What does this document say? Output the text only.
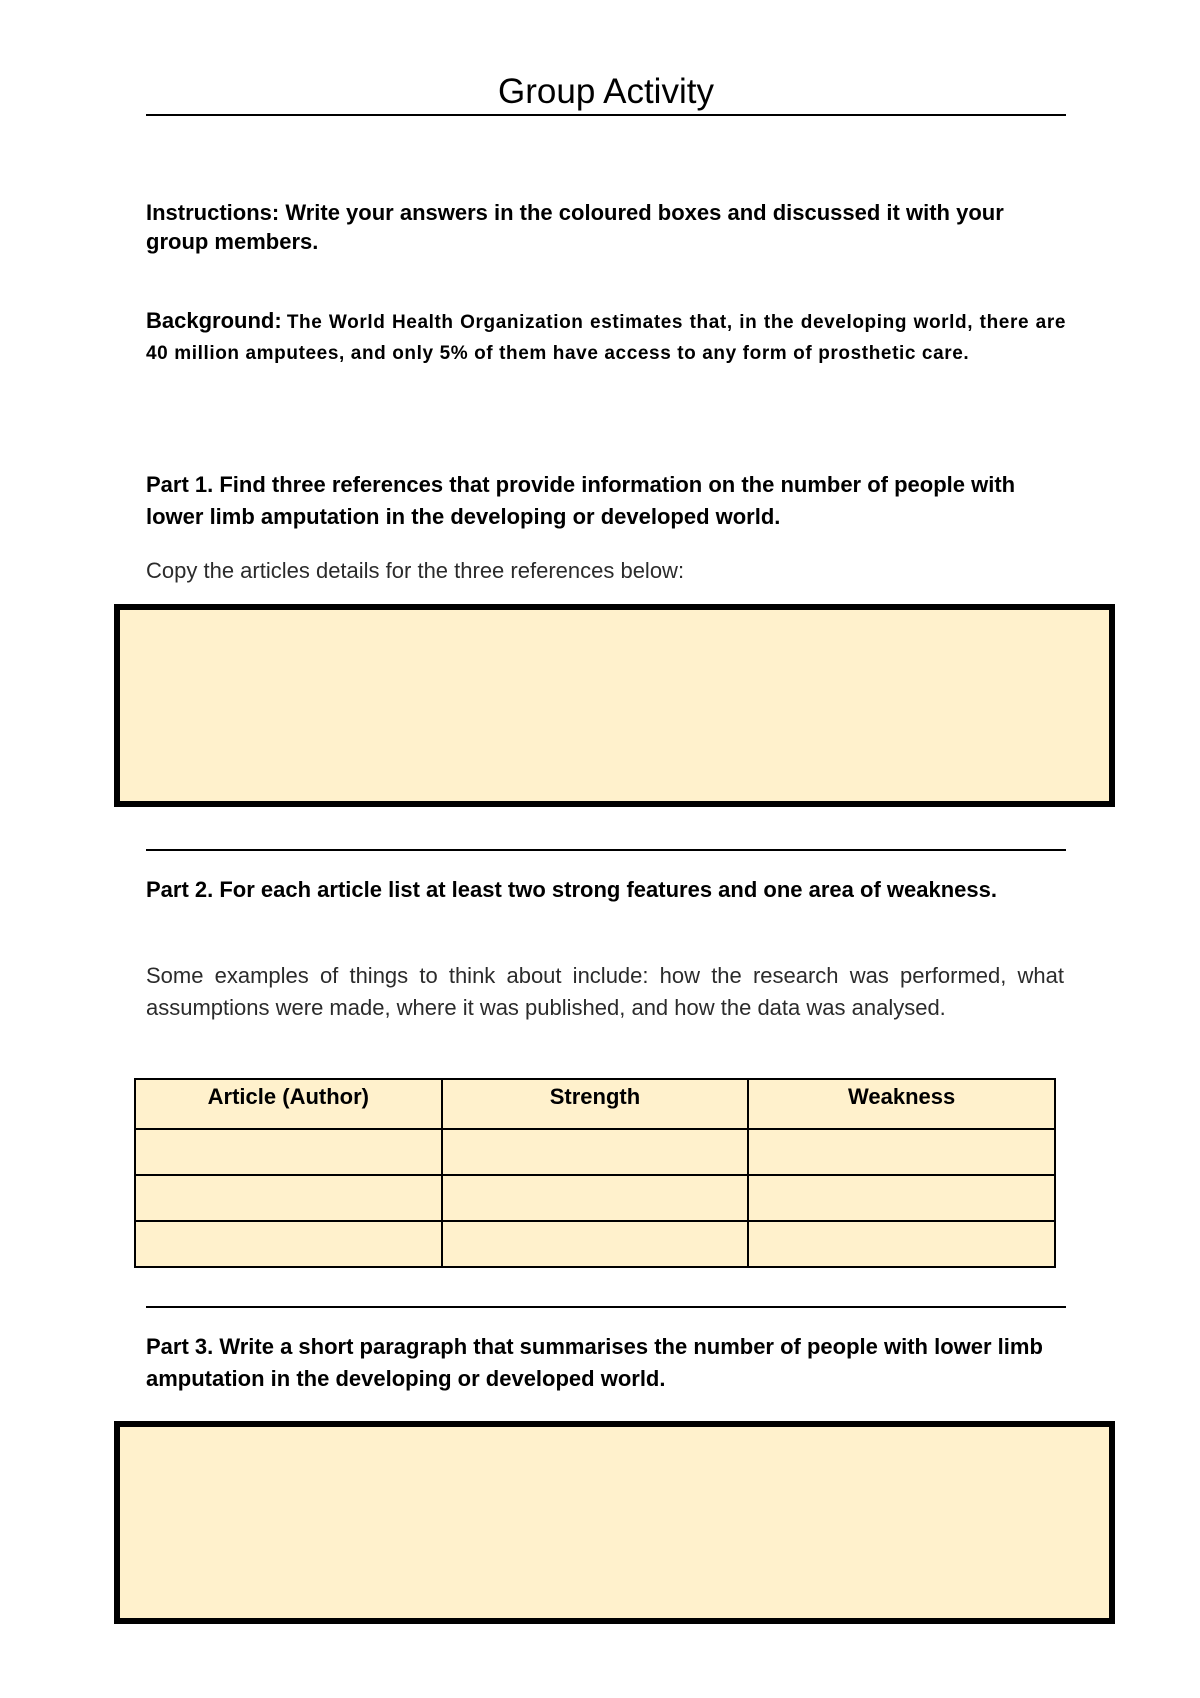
Group Activity
Instructions: Write your answers in the coloured boxes and discussed it with your group members.
Background: The World Health Organization estimates that, in the developing world, there are 40 million amputees, and only 5% of them have access to any form of prosthetic care.
Part 1. Find three references that provide information on the number of people with lower limb amputation in the developing or developed world.
Copy the articles details for the three references below:
Part 2. For each article list at least two strong features and one area of weakness.
Some examples of things to think about include: how the research was performed, what assumptions were made, where it was published, and how the data was analysed.
Article (Author)	Strength	Weakness

Part 3. Write a short paragraph that summarises the number of people with lower limb amputation in the developing or developed world.
